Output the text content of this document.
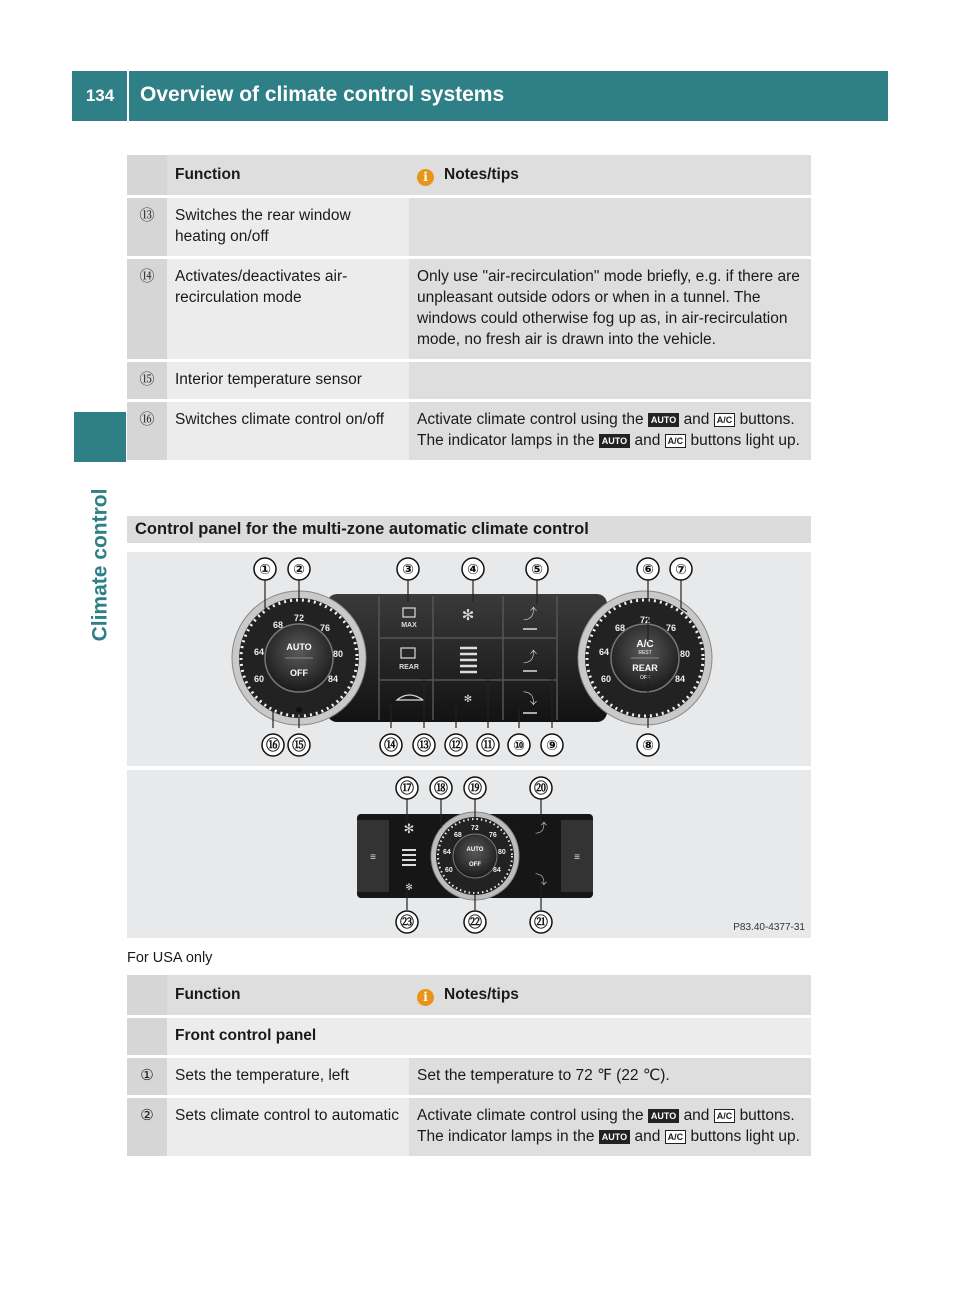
134	Overview of climate control systems
Climate control
	Function	i Notes/tips
⑬	Switches the rear window heating on/off	
⑭	Activates/deactivates air-recirculation mode	Only use "air-recirculation" mode briefly, e.g. if there are unpleasant outside odors or when in a tunnel. The windows could otherwise fog up as, in air-recirculation mode, no fresh air is drawn into the vehicle.
⑮	Interior temperature sensor	
⑯	Switches climate control on/off	Activate climate control using the AUTO and A/C buttons. The indicator lamps in the AUTO and A/C buttons light up.
Control panel for the multi-zone automatic climate control
MAX
REAR
✻
✻
⤴
⤴
⤵
68
64
60
72
76
80
84
AUTO
OFF
68
64
60
72
76
80
84
A/C
REST
REAR
OFF
① ②	③	④	⑤	⑥ ⑦
⑯ ⑮	⑭ ⑬ ⑫ ⑪ ⑩ ⑨	⑧
≡	≡
✻
✻
⤴
⤵
68
64
60
72
76
80
84
AUTO
OFF
⑰ ⑱ ⑲	⑳
㉓	㉒	㉑	P83.40-4377-31
For USA only
	Function	i Notes/tips
	Front control panel	
①	Sets the temperature, left	Set the temperature to 72 ℉ (22 ℃).
②	Sets climate control to automatic	Activate climate control using the AUTO and A/C buttons. The indicator lamps in the AUTO and A/C buttons light up.
